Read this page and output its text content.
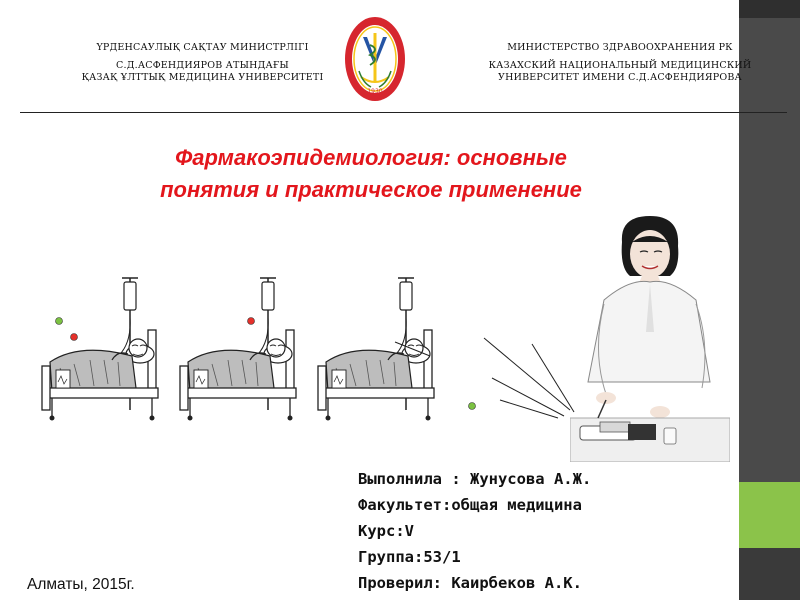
ҮРДЕНСАУЛЫҚ САҚТАУ МИНИСТРЛІГІ
С.Д.АСФЕНДИЯРОВ АТЫНДАҒЫ
ҚАЗАҚ ҰЛТТЫҚ МЕДИЦИНА УНИВЕРСИТЕТІ
1930
МИНИСТЕРСТВО ЗДРАВООХРАНЕНИЯ РК
КАЗАХСКИЙ НАЦИОНАЛЬНЫЙ МЕДИЦИНСКИЙ
УНИВЕРСИТЕТ ИМЕНИ С.Д.АСФЕНДИЯРОВА
Фармакоэпидемиология: основные
понятия и практическое применение
Выполнила : Жунусова А.Ж.
Факультет:общая медицина
Курс:V
Группа:53/1
Проверил: Каирбеков А.К.
Алматы, 2015г.
